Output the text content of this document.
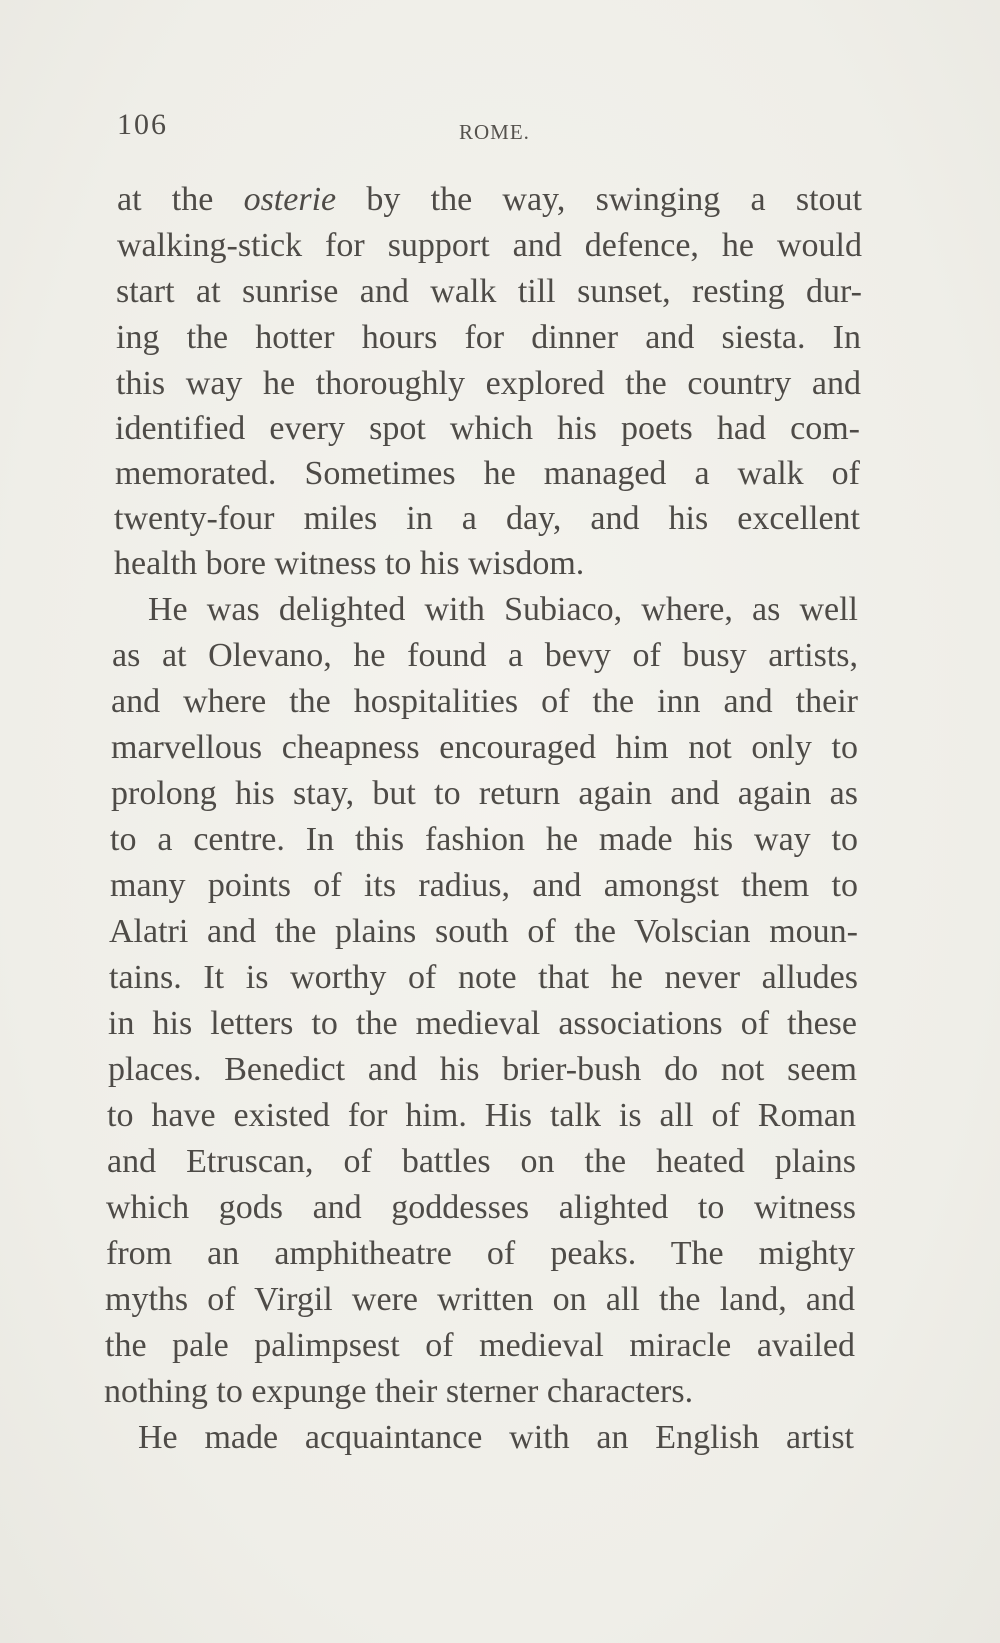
106	ROME.
at the osterie by the way, swinging a stout
walking-stick for support and defence, he would
start at sunrise and walk till sunset, resting dur-
ing the hotter hours for dinner and siesta. In
this way he thoroughly explored the country and
identified every spot which his poets had com-
memorated. Sometimes he managed a walk of
twenty-four miles in a day, and his excellent
health bore witness to his wisdom.
He was delighted with Subiaco, where, as well
as at Olevano, he found a bevy of busy artists,
and where the hospitalities of the inn and their
marvellous cheapness encouraged him not only to
prolong his stay, but to return again and again as
to a centre. In this fashion he made his way to
many points of its radius, and amongst them to
Alatri and the plains south of the Volscian moun-
tains. It is worthy of note that he never alludes
in his letters to the medieval associations of these
places. Benedict and his brier-bush do not seem
to have existed for him. His talk is all of Roman
and Etruscan, of battles on the heated plains
which gods and goddesses alighted to witness
from an amphitheatre of peaks. The mighty
myths of Virgil were written on all the land, and
the pale palimpsest of medieval miracle availed
nothing to expunge their sterner characters.
He made acquaintance with an English artist
